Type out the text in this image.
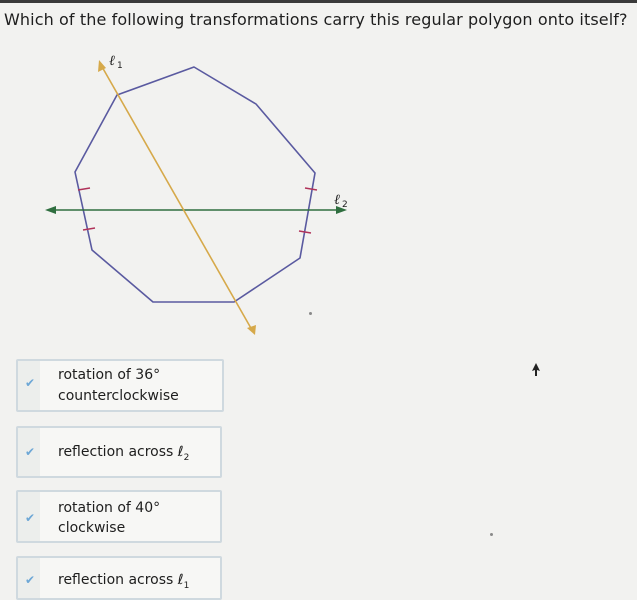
Which of the following transformations carry this regular polygon onto itself?
ℓ 1
ℓ 2
✔ rotation of 36°
counterclockwise
✔ reflection across ℓ$_2$
✔
rotation of 40°
clockwise
✔ reflection across ℓ$_1$
